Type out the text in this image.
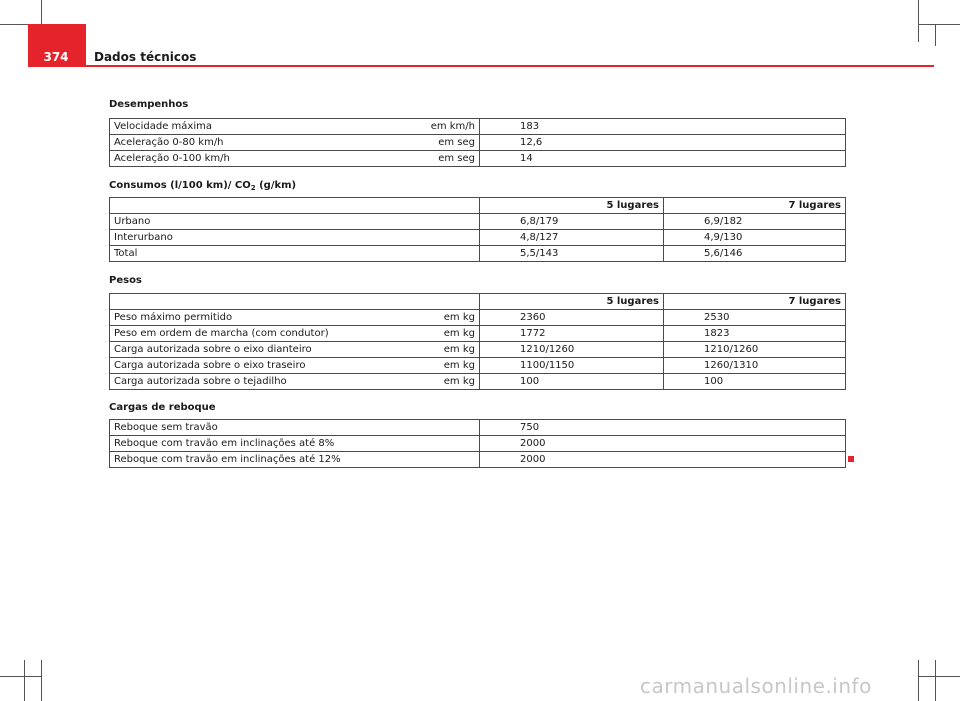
374	Dados técnicos
Desempenhos
Velocidade máxima em km/h	183
Aceleração 0-80 km/h em seg	12,6
Aceleração 0-100 km/h em seg	14
Consumos (l/100 km)/ $CO_2$ (g/km)
	5 lugares	7 lugares
Urbano	6,8/179	6,9/182
Interurbano	4,8/127	4,9/130
Total	5,5/143	5,6/146
Pesos
	5 lugares	7 lugares
Peso máximo permitido em kg	2360	2530
Peso em ordem de marcha (com condutor) em kg	1772	1823
Carga autorizada sobre o eixo dianteiro em kg	1210/1260	1210/1260
Carga autorizada sobre o eixo traseiro em kg	1100/1150	1260/1310
Carga autorizada sobre o tejadilho em kg	100	100
Cargas de reboque
Reboque sem travão	750
Reboque com travão em inclinações até 8%	2000
Reboque com travão em inclinações até 12%	2000
carmanualsonline.info
